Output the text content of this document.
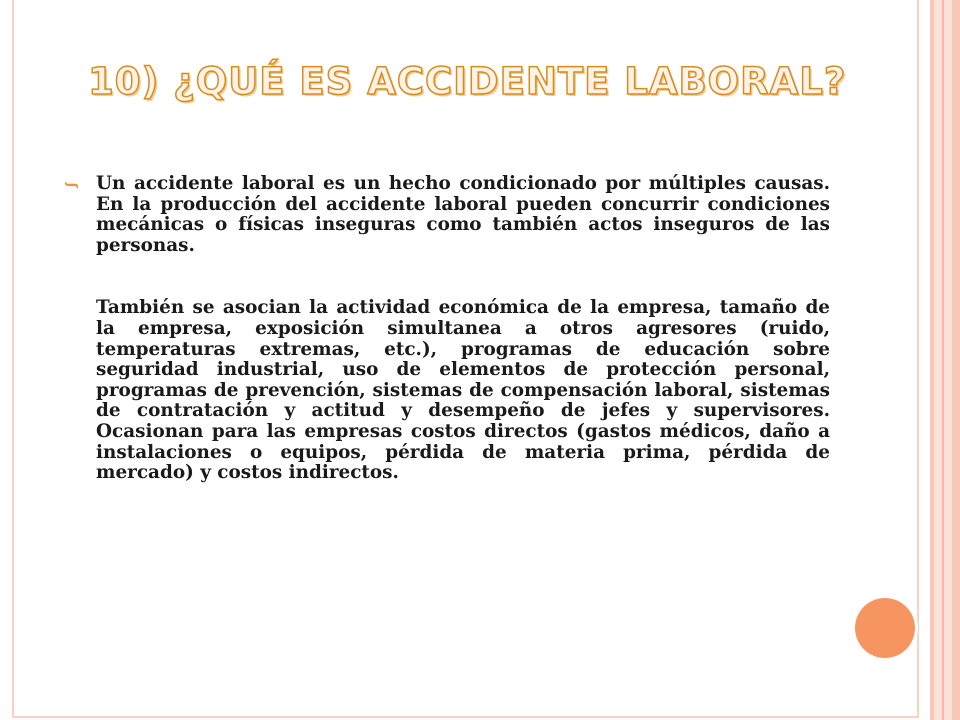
10) ¿QUÉ ES ACCIDENTE LABORAL?
ʃ Un accidente laboral es un hecho condicionado por múltiples causas. En la producción del accidente laboral pueden concurrir condiciones mecánicas o físicas inseguras como también actos inseguros de las personas.

También se asocian la actividad económica de la empresa, tamaño de la empresa, exposición simultanea a otros agresores (ruido, temperaturas extremas, etc.), programas de educación sobre seguridad industrial, uso de elementos de protección personal, programas de prevención, sistemas de compensación laboral, sistemas de contratación y actitud y desempeño de jefes y supervisores. Ocasionan para las empresas costos directos (gastos médicos, daño a instalaciones o equipos, pérdida de materia prima, pérdida de mercado) y costos indirectos.
